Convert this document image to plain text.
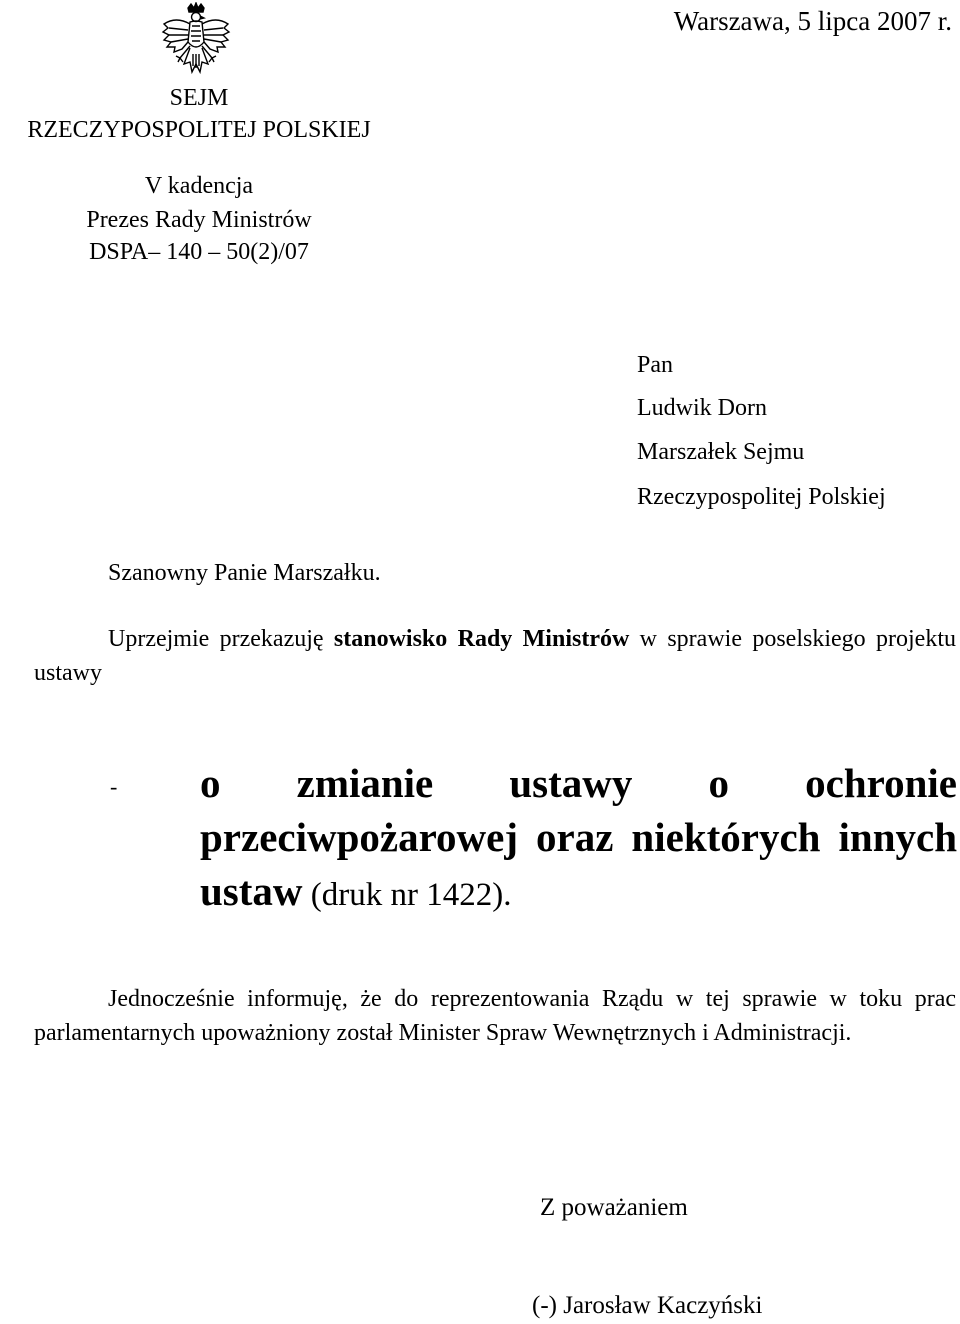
Warszawa, 5 lipca 2007 r.
SEJM
RZECZYPOSPOLITEJ POLSKIEJ
V kadencja
Prezes Rady Ministrów
DSPA– 140 – 50(2)/07
Pan
Ludwik Dorn
Marszałek Sejmu
Rzeczypospolitej Polskiej
Szanowny Panie Marszałku.
Uprzejmie przekazuję stanowisko Rady Ministrów w sprawie poselskiego projektu ustawy
- o zmianie ustawy o ochronie przeciwpożarowej oraz niektórych innych ustaw (druk nr 1422).
Jednocześnie informuję, że do reprezentowania Rządu w tej sprawie w toku prac parlamentarnych upoważniony został Minister Spraw Wewnętrznych i Administracji.
Z poważaniem
(-) Jarosław Kaczyński
